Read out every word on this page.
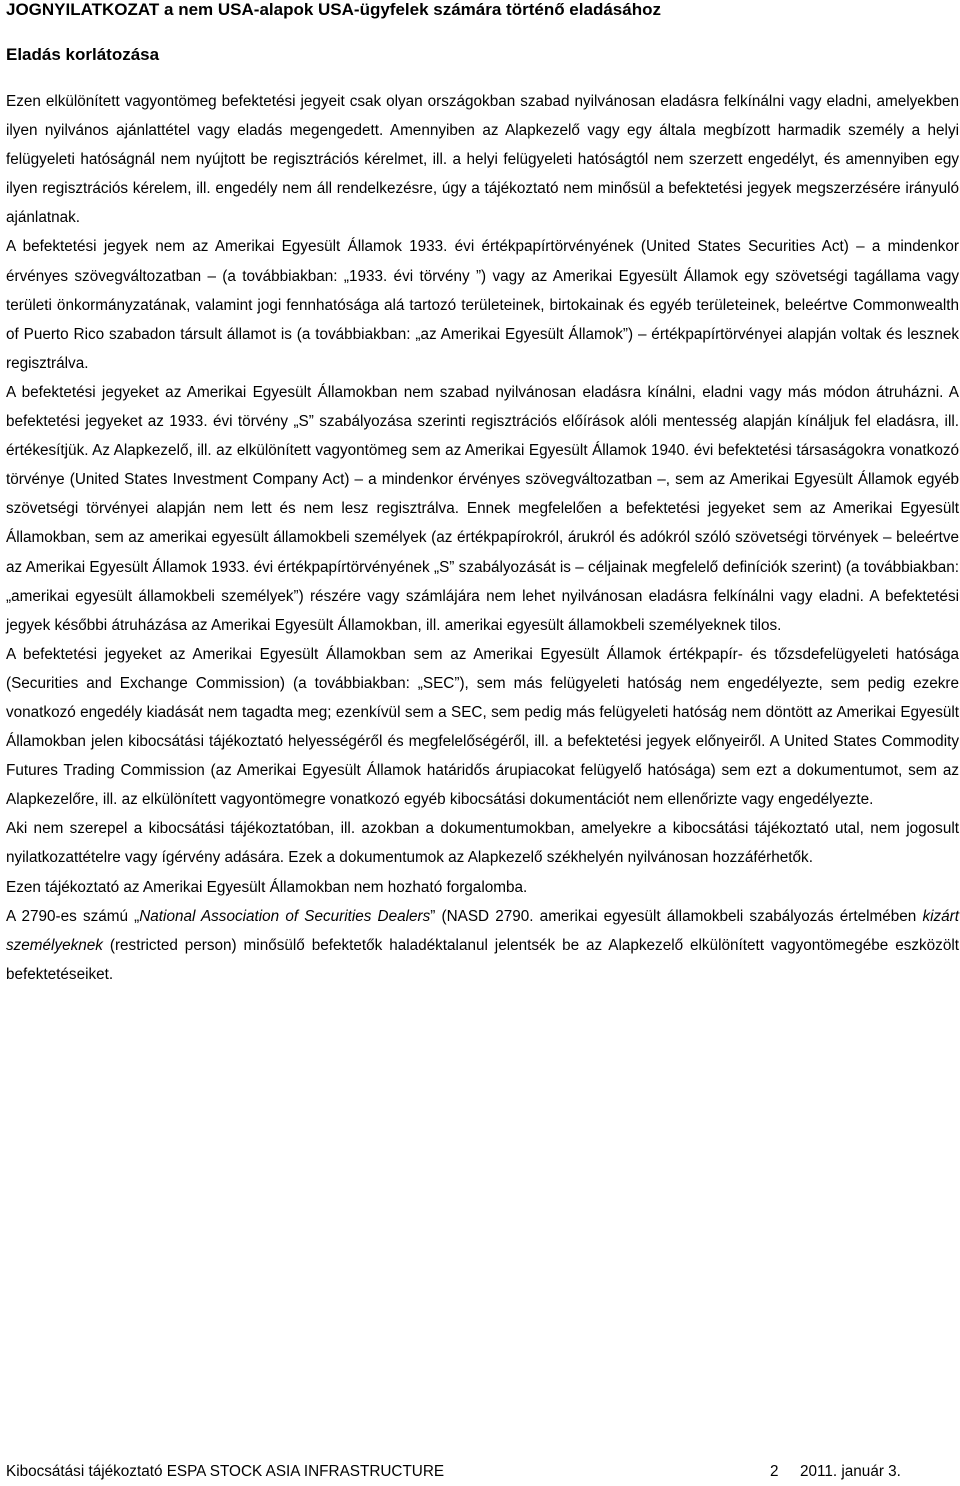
JOGNYILATKOZAT a nem USA-alapok USA-ügyfelek számára történő eladásához
Eladás korlátozása

Ezen elkülönített vagyontömeg befektetési jegyeit csak olyan országokban szabad nyilvánosan eladásra felkínálni vagy eladni, amelyekben ilyen nyilvános ajánlattétel vagy eladás megengedett. Amennyiben az Alapkezelő vagy egy általa megbízott harmadik személy a helyi felügyeleti hatóságnál nem nyújtott be regisztrációs kérelmet, ill. a helyi felügyeleti hatóságtól nem szerzett engedélyt, és amennyiben egy ilyen regisztrációs kérelem, ill. engedély nem áll rendelkezésre, úgy a tájékoztató nem minősül a befektetési jegyek megszerzésére irányuló ajánlatnak.

A befektetési jegyek nem az Amerikai Egyesült Államok 1933. évi értékpapírtörvényének (United States Securities Act) – a mindenkor érvényes szövegváltozatban – (a továbbiakban: „1933. évi törvény ”) vagy az Amerikai Egyesült Államok egy szövetségi tagállama vagy területi önkormányzatának, valamint jogi fennhatósága alá tartozó területeinek, birtokainak és egyéb területeinek, beleértve Commonwealth of Puerto Rico szabadon társult államot is (a továbbiakban: „az Amerikai Egyesült Államok”) – értékpapírtörvényei alapján voltak és lesznek regisztrálva.

A befektetési jegyeket az Amerikai Egyesült Államokban nem szabad nyilvánosan eladásra kínálni, eladni vagy más módon átruházni. A befektetési jegyeket az 1933. évi törvény „S” szabályozása szerinti regisztrációs előírások alóli mentesség alapján kínáljuk fel eladásra, ill. értékesítjük. Az Alapkezelő, ill. az elkülönített vagyontömeg sem az Amerikai Egyesült Államok 1940. évi befektetési társaságokra vonatkozó törvénye (United States Investment Company Act) – a mindenkor érvényes szövegváltozatban –, sem az Amerikai Egyesült Államok egyéb szövetségi törvényei alapján nem lett és nem lesz regisztrálva. Ennek megfelelően a befektetési jegyeket sem az Amerikai Egyesült Államokban, sem az amerikai egyesült államokbeli személyek (az értékpapírokról, árukról és adókról szóló szövetségi törvények – beleértve az Amerikai Egyesült Államok 1933. évi értékpapírtörvényének „S” szabályozását is – céljainak megfelelő definíciók szerint) (a továbbiakban: „amerikai egyesült államokbeli személyek”) részére vagy számlájára nem lehet nyilvánosan eladásra felkínálni vagy eladni. A befektetési jegyek későbbi átruházása az Amerikai Egyesült Államokban, ill. amerikai egyesült államokbeli személyeknek tilos.

A befektetési jegyeket az Amerikai Egyesült Államokban sem az Amerikai Egyesült Államok értékpapír- és tőzsdefelügyeleti hatósága (Securities and Exchange Commission) (a továbbiakban: „SEC”), sem más felügyeleti hatóság nem engedélyezte, sem pedig ezekre vonatkozó engedély kiadását nem tagadta meg; ezenkívül sem a SEC, sem pedig más felügyeleti hatóság nem döntött az Amerikai Egyesült Államokban jelen kibocsátási tájékoztató helyességéről és megfelelőségéről, ill. a befektetési jegyek előnyeiről. A United States Commodity Futures Trading Commission (az Amerikai Egyesült Államok határidős árupiacokat felügyelő hatósága) sem ezt a dokumentumot, sem az Alapkezelőre, ill. az elkülönített vagyontömegre vonatkozó egyéb kibocsátási dokumentációt nem ellenőrizte vagy engedélyezte.

Aki nem szerepel a kibocsátási tájékoztatóban, ill. azokban a dokumentumokban, amelyekre a kibocsátási tájékoztató utal, nem jogosult nyilatkozattételre vagy ígérvény adására. Ezek a dokumentumok az Alapkezelő székhelyén nyilvánosan hozzáférhetők.

Ezen tájékoztató az Amerikai Egyesült Államokban nem hozható forgalomba.

A 2790-es számú „National Association of Securities Dealers” (NASD 2790. amerikai egyesült államokbeli szabályozás értelmében kizárt személyeknek (restricted person) minősülő befektetők haladéktalanul jelentsék be az Alapkezelő elkülönített vagyontömegébe eszközölt befektetéseiket.

Kibocsátási tájékoztató ESPA STOCK ASIA INFRASTRUCTURE	2 2011. január 3.
